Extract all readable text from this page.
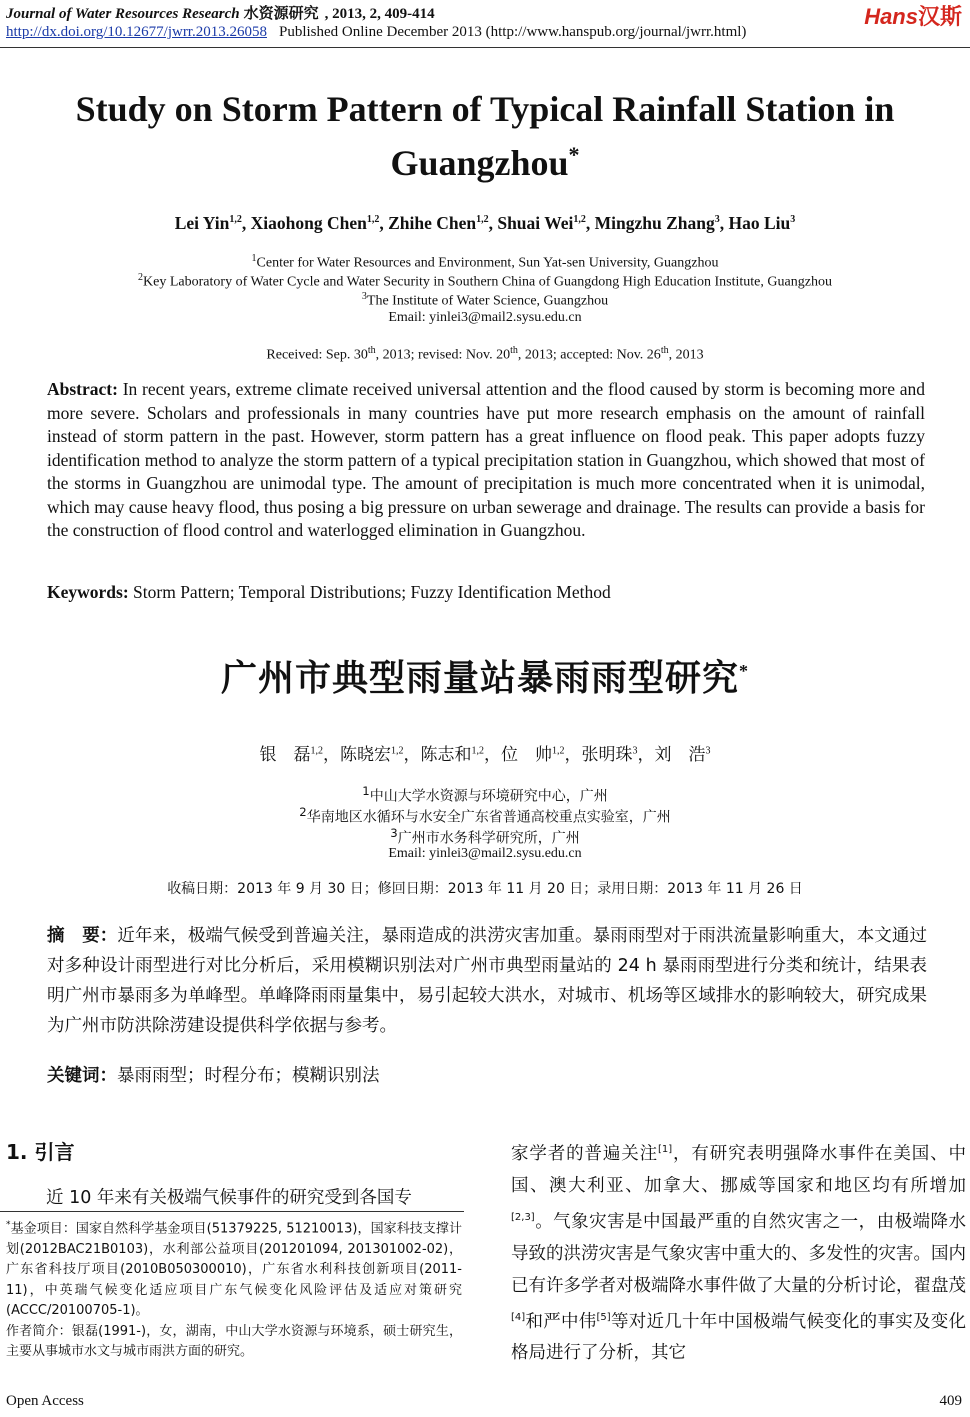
Journal of Water Resources Research 水资源研究 , 2013, 2, 409-414
http://dx.doi.org/10.12677/jwrr.2013.26058 Published Online December 2013 (http://www.hanspub.org/journal/jwrr.html)
Hans汉斯
Study on Storm Pattern of Typical Rainfall Station in Guangzhou*
Lei Yin$^{1,2}$, Xiaohong Chen$^{1,2}$, Zhihe Chen$^{1,2}$, Shuai Wei$^{1,2}$, Mingzhu Zhang$^3$, Hao Liu$^3$
$^1$Center for Water Resources and Environment, Sun Yat-sen University, Guangzhou
$^2$Key Laboratory of Water Cycle and Water Security in Southern China of Guangdong High Education Institute, Guangzhou
$^3$The Institute of Water Science, Guangzhou
Email: yinlei3@mail2.sysu.edu.cn
Received: Sep. 30th, 2013; revised: Nov. 20th, 2013; accepted: Nov. 26th, 2013
Abstract: In recent years, extreme climate received universal attention and the flood caused by storm is becoming more and more severe. Scholars and professionals in many countries have put more research emphasis on the amount of rainfall instead of storm pattern in the past. However, storm pattern has a great influence on flood peak. This paper adopts fuzzy identification method to analyze the storm pattern of a typical precipitation station in Guangzhou, which showed that most of the storms in Guangzhou are unimodal type. The amount of precipitation is much more concentrated when it is unimodal, which may cause heavy flood, thus posing a big pressure on urban sewerage and drainage. The results can provide a basis for the construction of flood control and waterlogged elimination in Guangzhou.
Keywords: Storm Pattern; Temporal Distributions; Fuzzy Identification Method
广州市典型雨量站暴雨雨型研究*
银　磊$^{1,2}$，陈晓宏$^{1,2}$，陈志和$^{1,2}$，位　帅$^{1,2}$，张明珠$^3$，刘　浩$^3$
$^1$中山大学水资源与环境研究中心，广州
$^2$华南地区水循环与水安全广东省普通高校重点实验室，广州
$^3$广州市水务科学研究所，广州
Email: yinlei3@mail2.sysu.edu.cn
收稿日期：2013 年 9 月 30 日；修回日期：2013 年 11 月 20 日；录用日期：2013 年 11 月 26 日
摘　要：近年来，极端气候受到普遍关注，暴雨造成的洪涝灾害加重。暴雨雨型对于雨洪流量影响重大，本文通过对多种设计雨型进行对比分析后，采用模糊识别法对广州市典型雨量站的 24 h 暴雨雨型进行分类和统计，结果表明广州市暴雨多为单峰型。单峰降雨雨量集中，易引起较大洪水，对城市、机场等区域排水的影响较大，研究成果为广州市防洪除涝建设提供科学依据与参考。
关键词：暴雨雨型；时程分布；模糊识别法
1. 引言
近 10 年来有关极端气候事件的研究受到各国专

*基金项目：国家自然科学基金项目(51379225, 51210013)，国家科技支撑计划(2012BAC21B0103)，水利部公益项目(201201094, 201301002-02)，广东省科技厅项目(2010B050300010)，广东省水利科技创新项目(2011-11)，中英瑞气候变化适应项目广东气候变化风险评估及适应对策研究(ACCC/20100705-1)。

作者简介：银磊(1991-)，女，湖南，中山大学水资源与环境系，硕士研究生，主要从事城市水文与城市雨洪方面的研究。

家学者的普遍关注[1]，有研究表明强降水事件在美国、中国、澳大利亚、加拿大、挪威等国家和地区均有所增加[2,3]。气象灾害是中国最严重的自然灾害之一，由极端降水导致的洪涝灾害是气象灾害中重大的、多发性的灾害。国内已有许多学者对极端降水事件做了大量的分析讨论，翟盘茂[4]和严中伟[5]等对近几十年中国极端气候变化的事实及变化格局进行了分析，其它
Open Access	409
